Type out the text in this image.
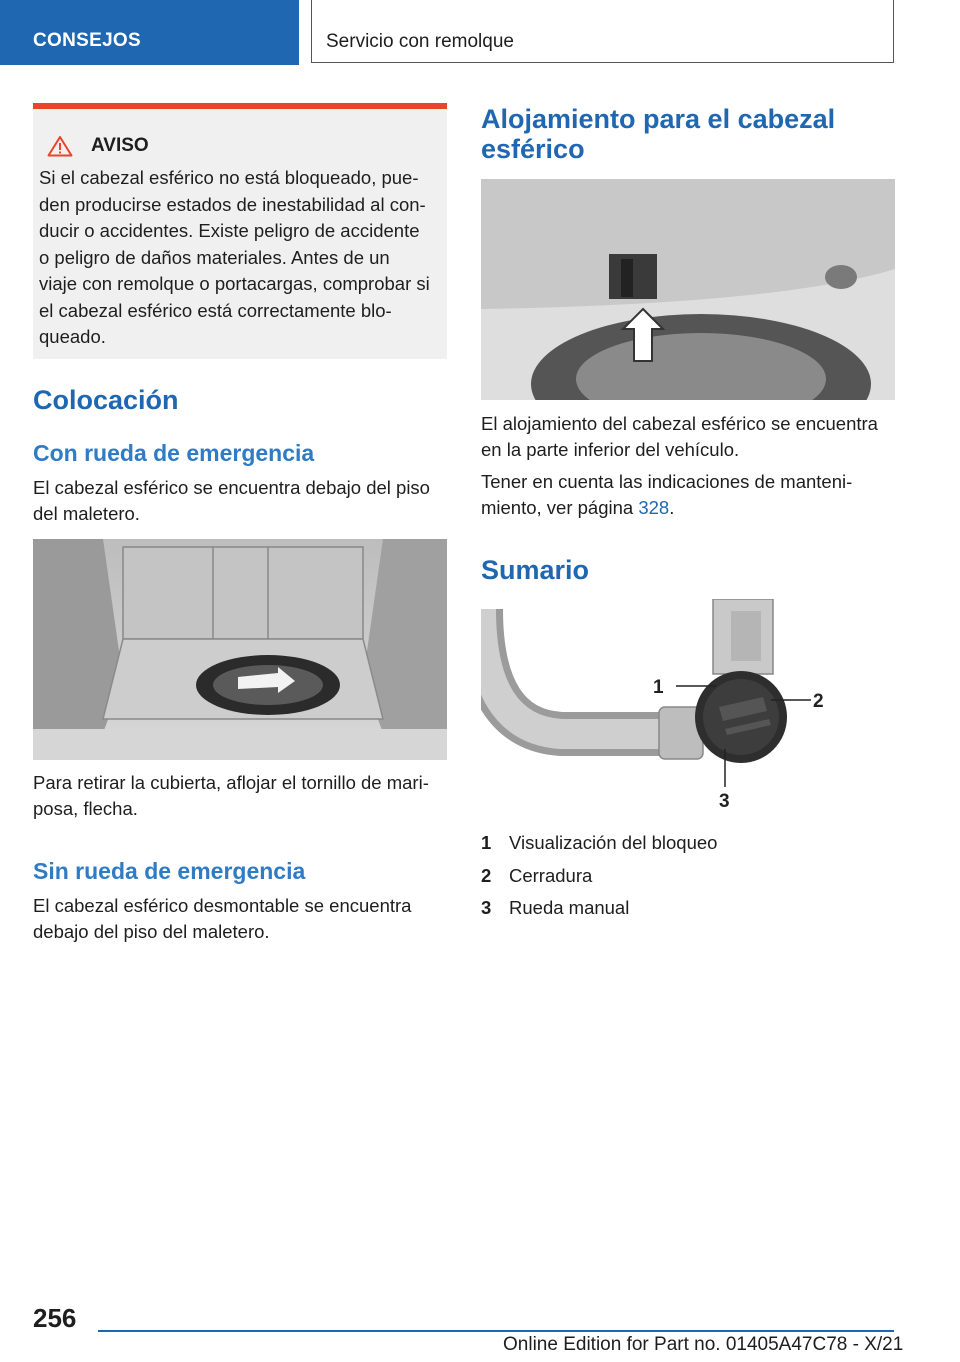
CONSEJOS	Servicio con remolque
AVISO
Si el cabezal esférico no está bloqueado, pue-
den producirse estados de inestabilidad al con-
ducir o accidentes. Existe peligro de accidente
o peligro de daños materiales. Antes de un
viaje con remolque o portacargas, comprobar si
el cabezal esférico está correctamente blo-
queado.
Colocación
Con rueda de emergencia
El cabezal esférico se encuentra debajo del piso
del maletero.
Para retirar la cubierta, aflojar el tornillo de mari-
posa, flecha.
Sin rueda de emergencia
El cabezal esférico desmontable se encuentra
debajo del piso del maletero.
Alojamiento para el cabezal
esférico
El alojamiento del cabezal esférico se encuentra
en la parte inferior del vehículo.
Tener en cuenta las indicaciones de manteni-
miento, ver página 328.
Sumario
1
2
3
1 Visualización del bloqueo
2 Cerradura
3 Rueda manual
256
Online Edition for Part no. 01405A47C78 - X/21
